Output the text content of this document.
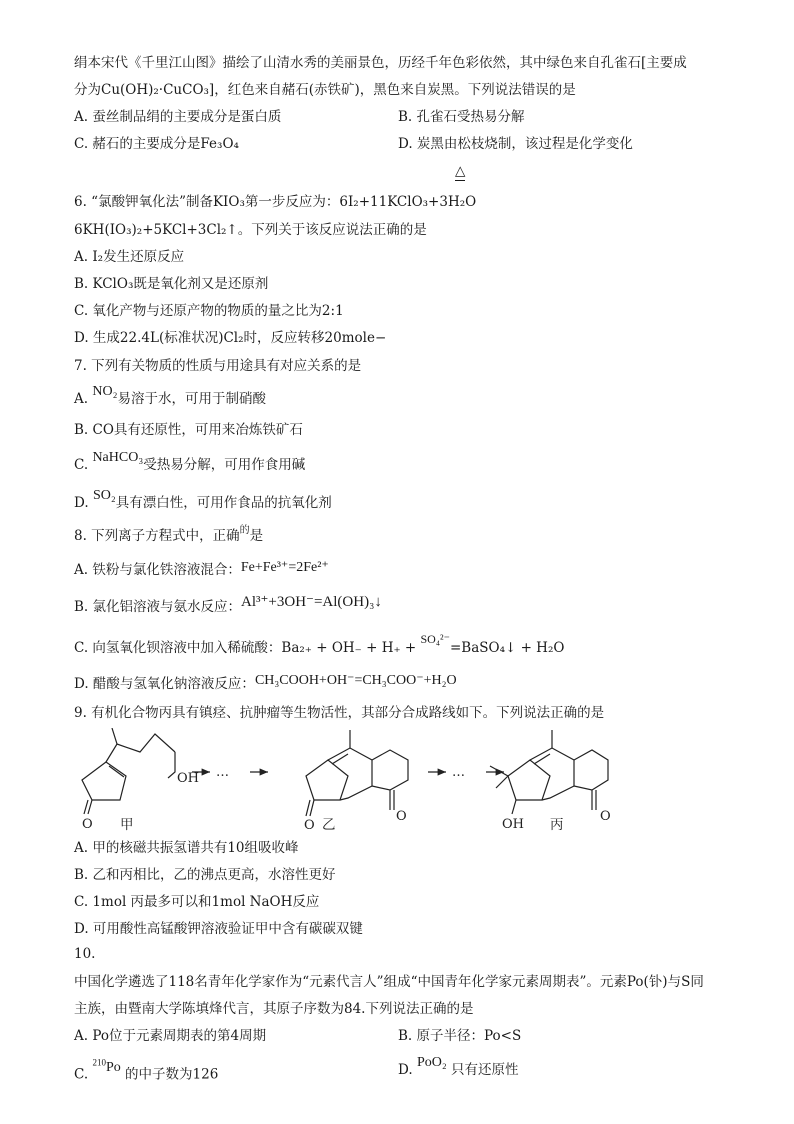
绢本宋代《千里江山图》描绘了山清水秀的美丽景色，历经千年色彩依然，其中绿色来自孔雀石[主要成
分为Cu(OH)₂·CuCO₃]，红色来自赭石(赤铁矿)，黑色来自炭黑。下列说法错误的是
A. 蚕丝制品绢的主要成分是蛋白质	B. 孔雀石受热易分解
C. 赭石的主要成分是Fe₃O₄	D. 炭黑由松枝烧制，该过程是化学变化
△
6. “氯酸钾氧化法”制备KIO₃第一步反应为：6I₂+11KClO₃+3H₂O
6KH(IO₃)₂+5KCl+3Cl₂↑。下列关于该反应说法正确的是
A. I₂发生还原反应
B. KClO₃既是氧化剂又是还原剂
C. 氧化产物与还原产物的物质的量之比为2:1
D. 生成22.4L(标准状况)Cl₂时，反应转移20mole−
7. 下列有关物质的性质与用途具有对应关系的是
A. NO₂易溶于水，可用于制硝酸
B. CO具有还原性，可用来冶炼铁矿石
C. NaHCO₃受热易分解，可用作食用碱
D. SO₂具有漂白性，可用作食品的抗氧化剂
8. 下列离子方程式中，正确$^的$是
A. 铁粉与氯化铁溶液混合：Fe+Fe³⁺=2Fe²⁺
B. 氯化铝溶液与氨水反应：Al³⁺+3OH⁻=Al(OH)₃↓
C. 向氢氧化钡溶液中加入稀硫酸：Ba₂₊ + OH₋ + H₊ + SO₄²⁻=BaSO₄↓ + H₂O
D. 醋酸与氢氧化钠溶液反应：CH₃COOH+OH⁻=CH₃COO⁻+H₂O
9. 有机化合物丙具有镇痉、抗肿瘤等生物活性，其部分合成路线如下。下列说法正确的是
OH
O
…
O
O
…
OH
O
甲	乙	丙
A. 甲的核磁共振氢谱共有10组吸收峰
B. 乙和丙相比，乙的沸点更高，水溶性更好
C. 1mol 丙最多可以和1mol NaOH反应
D. 可用酸性高锰酸钾溶液验证甲中含有碳碳双键
10.
中国化学遴选了118名青年化学家作为“元素代言人”组成“中国青年化学家元素周期表”。元素Po(钋)与S同
主族，由暨南大学陈填烽代言，其原子序数为84.下列说法正确的是
A. Po位于元素周期表的第4周期	B. 原子半径：Po<S
C. $^{210}$Po 的中子数为126	D. PoO₂ 只有还原性
